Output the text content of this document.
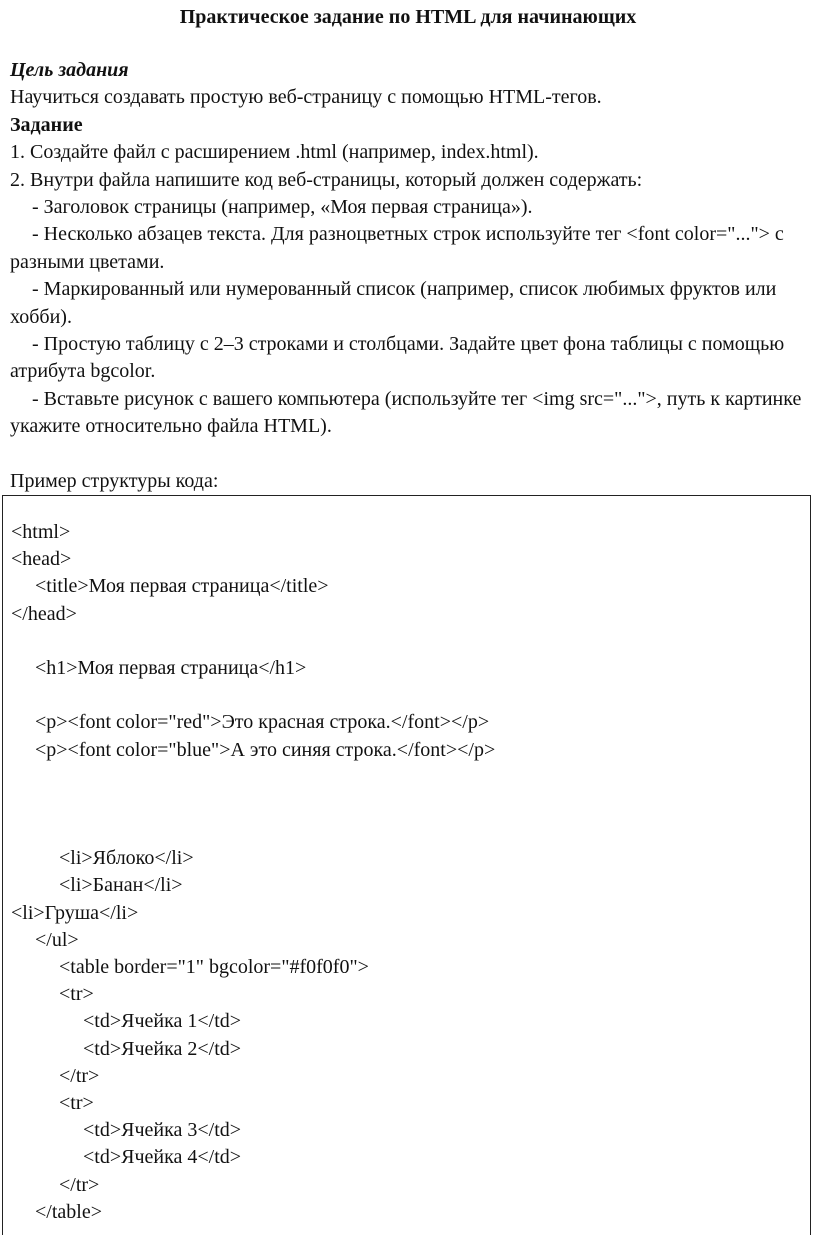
Практическое задание по HTML для начинающих

Цель задания

Научиться создавать простую веб-страницу с помощью HTML-тегов.

Задание

1. Создайте файл с расширением .html (например, index.html).

2. Внутри файла напишите код веб-страницы, который должен содержать:

- Заголовок страницы (например, «Моя первая страница»).

- Несколько абзацев текста. Для разноцветных строк используйте тег <font color="..."> с разными цветами.

- Маркированный или нумерованный список (например, список любимых фруктов или хобби).

- Простую таблицу с 2–3 строками и столбцами. Задайте цвет фона таблицы с помощью атрибута bgcolor.

- Вставьте рисунок с вашего компьютера (используйте тег <img src="...">, путь к картинке укажите относительно файла HTML).

Пример структуры кода:

<html>
<head>
<title>Моя первая страница</title>
</head>
<h1>Моя первая страница</h1>
<p><font color="red">Это красная строка.</font></p>
<p><font color="blue">А это синяя строка.</font></p>
<li>Яблоко</li>
<li>Банан</li>
<li>Груша</li>
</ul>
<table border="1" bgcolor="#f0f0f0">
<tr>
<td>Ячейка 1</td>
<td>Ячейка 2</td>
</tr>
<tr>
<td>Ячейка 3</td>
<td>Ячейка 4</td>
</tr>
</table>
